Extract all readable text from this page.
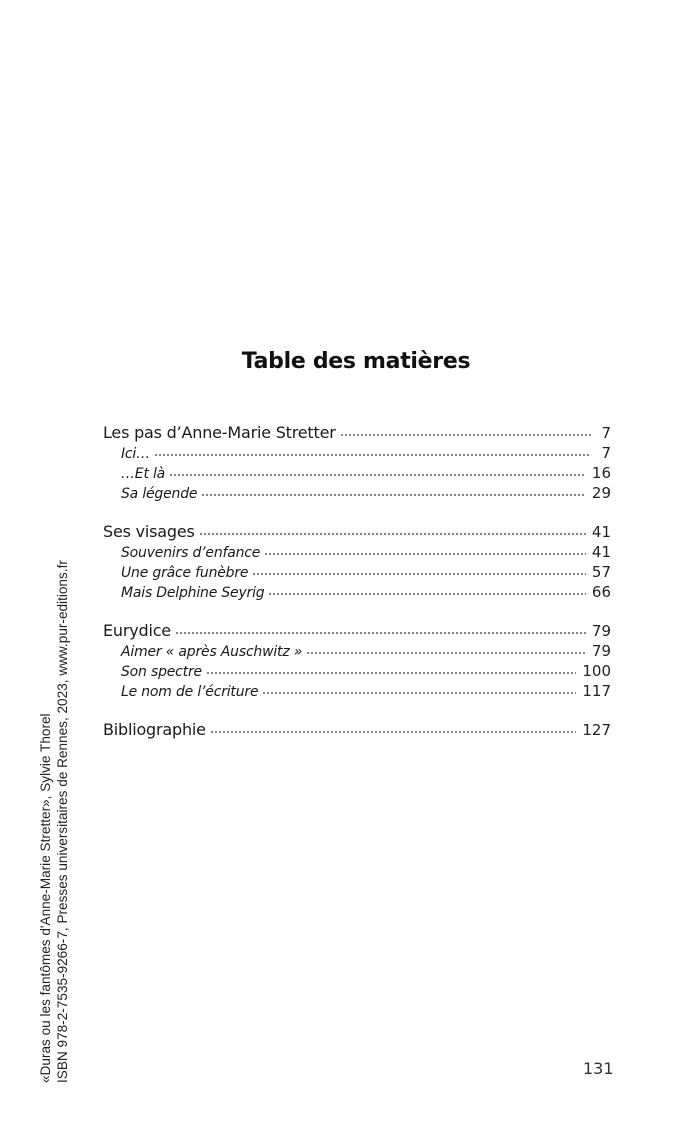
Table des matières
Les pas d’Anne-Marie Stretter	7
Ici…	7
…Et là	16
Sa légende	29
Ses visages	41
Souvenirs d’enfance	41
Une grâce funèbre	57
Mais Delphine Seyrig	66
Eurydice	79
Aimer « après Auschwitz »	79
Son spectre	100
Le nom de l’écriture	117
Bibliographie	127
«Duras ou les fantômes d'Anne-Marie Stretter», Sylvie Thorel ISBN 978-2-7535-9266-7, Presses universitaires de Rennes, 2023, www.pur-editions.fr	131
